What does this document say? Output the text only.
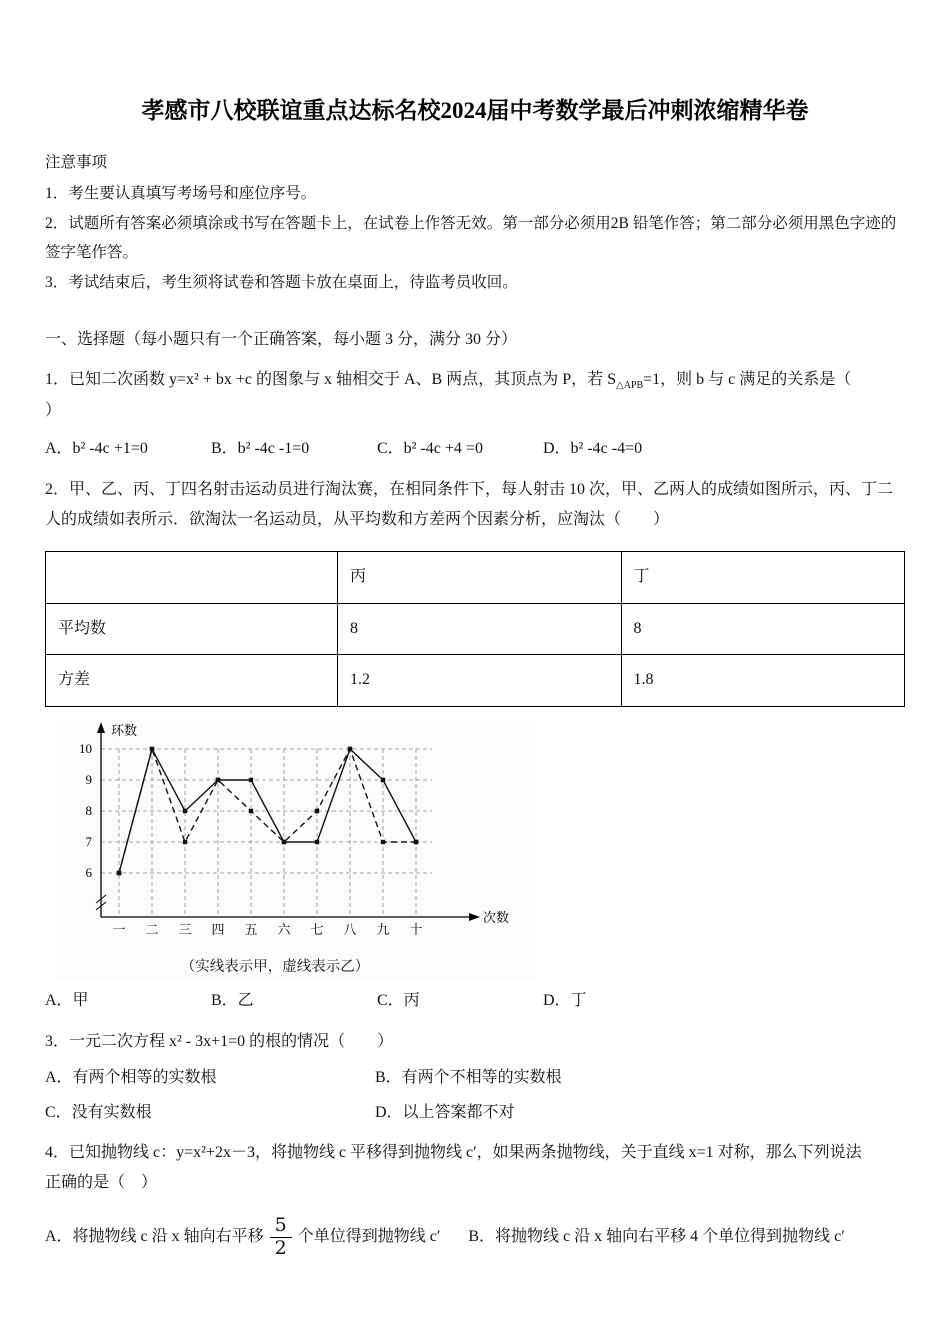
孝感市八校联谊重点达标名校2024届中考数学最后冲刺浓缩精华卷
注意事项
1．考生要认真填写考场号和座位序号。
2．试题所有答案必须填涂或书写在答题卡上，在试卷上作答无效。第一部分必须用2B 铅笔作答；第二部分必须用黑色字迹的签字笔作答。
3．考试结束后，考生须将试卷和答题卡放在桌面上，待监考员收回。
一、选择题（每小题只有一个正确答案，每小题 3 分，满分 30 分）
1．已知二次函数 y=x² + bx +c 的图象与 x 轴相交于 A、B 两点，其顶点为 P，若 $S_{\triangle APB}=1$，则 b 与 c 满足的关系是（
）
A．b² -4c +1=0	B．b² -4c -1=0	C．b² -4c +4 =0	D．b² -4c -4=0
2．甲、乙、丙、丁四名射击运动员进行淘汰赛，在相同条件下，每人射击 10 次，甲、乙两人的成绩如图所示，丙、丁二人的成绩如表所示．欲淘汰一名运动员，从平均数和方差两个因素分析，应淘汰（　　）
	丙	丁
平均数	8	8
方差	1.2	1.8
10
9
8
7
6
一 二 三 四 五 六 七 八 九 十
环数
次数
（实线表示甲，虚线表示乙）
A．甲	B．乙	C．丙	D．丁
3．一元二次方程 x² - 3x+1=0 的根的情况（　　）
A．有两个相等的实数根	B．有两个不相等的实数根
C．没有实数根	D．以上答案都不对
4．已知抛物线 c：y=x²+2x－3，将抛物线 c 平移得到抛物线 c′，如果两条抛物线，关于直线 x=1 对称，那么下列说法
正确的是（　）
A．将抛物线 c 沿 x 轴向右平移 $\frac{5}{2}$ 个单位得到抛物线 c′ B．将抛物线 c 沿 x 轴向右平移 4 个单位得到抛物线 c′
